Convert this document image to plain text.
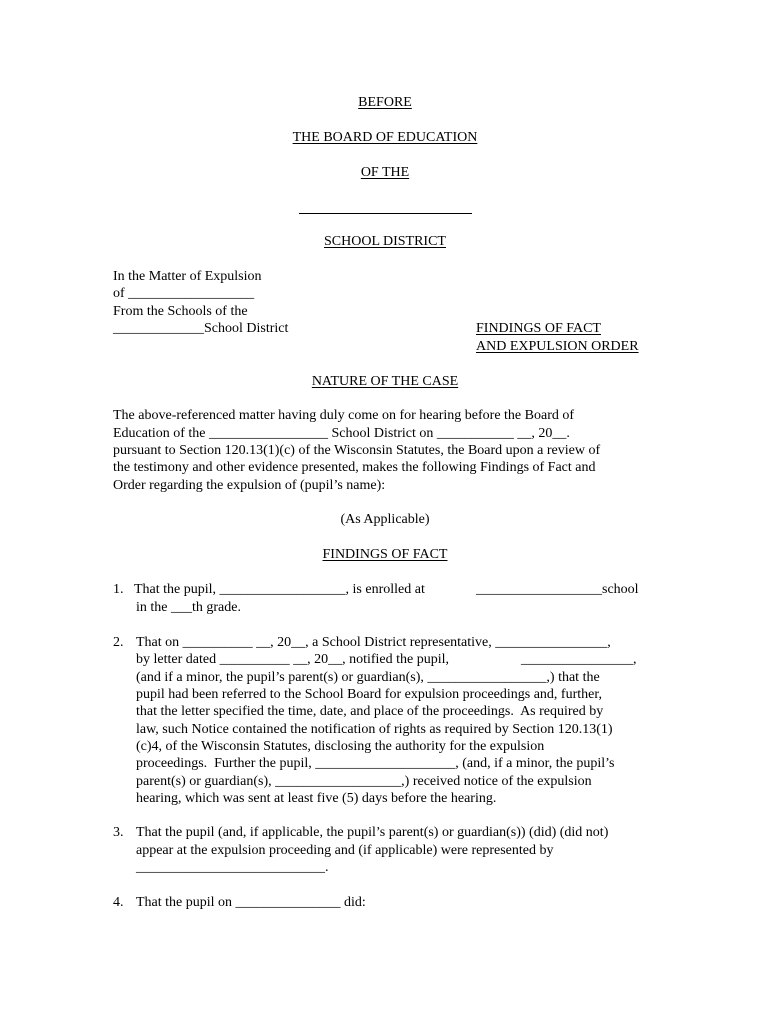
BEFORE
THE BOARD OF EDUCATION
OF THE
SCHOOL DISTRICT
In the Matter of Expulsion
of __________________
From the Schools of the
_____________School District	FINDINGS OF FACT
AND EXPULSION ORDER
NATURE OF THE CASE
The above-referenced matter having duly come on for hearing before the Board of
Education of the _________________ School District on ___________ __, 20__.
pursuant to Section 120.13(1)(c) of the Wisconsin Statutes, the Board upon a review of
the testimony and other evidence presented, makes the following Findings of Fact and
Order regarding the expulsion of (pupil’s name):
(As Applicable)
FINDINGS OF FACT
1. That the pupil, __________________, is enrolled at	__________________school
in the ___th grade.
2. That on __________ __, 20__, a School District representative, ________________,
by letter dated __________ __, 20__, notified the pupil,	________________,
(and if a minor, the pupil’s parent(s) or guardian(s), _________________,) that the
pupil had been referred to the School Board for expulsion proceedings and, further,
that the letter specified the time, date, and place of the proceedings.  As required by
law, such Notice contained the notification of rights as required by Section 120.13(1)
(c)4, of the Wisconsin Statutes, disclosing the authority for the expulsion
proceedings.  Further the pupil, ____________________, (and, if a minor, the pupil’s
parent(s) or guardian(s), __________________,) received notice of the expulsion
hearing, which was sent at least five (5) days before the hearing.
3. That the pupil (and, if applicable, the pupil’s parent(s) or guardian(s)) (did) (did not)
appear at the expulsion proceeding and (if applicable) were represented by
___________________________.
4. That the pupil on _______________ did:
